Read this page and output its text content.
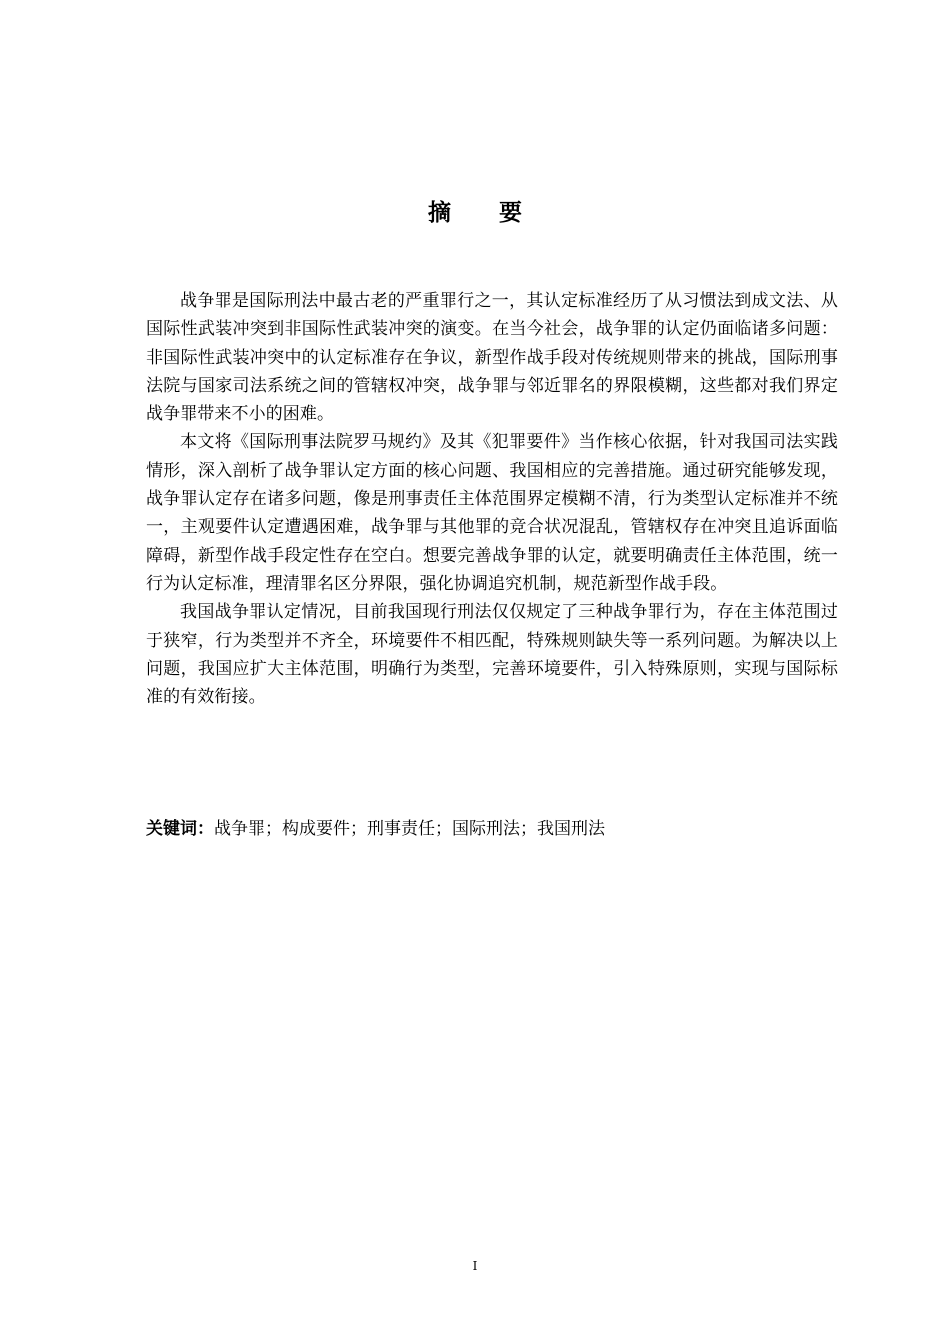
摘 要

战争罪是国际刑法中最古老的严重罪行之一，其认定标准经历了从习惯法到成文法、从国际性武装冲突到非国际性武装冲突的演变。在当今社会，战争罪的认定仍面临诸多问题：非国际性武装冲突中的认定标准存在争议，新型作战手段对传统规则带来的挑战，国际刑事法院与国家司法系统之间的管辖权冲突，战争罪与邻近罪名的界限模糊，这些都对我们界定战争罪带来不小的困难。

本文将《国际刑事法院罗马规约》及其《犯罪要件》当作核心依据，针对我国司法实践情形，深入剖析了战争罪认定方面的核心问题、我国相应的完善措施。通过研究能够发现，战争罪认定存在诸多问题，像是刑事责任主体范围界定模糊不清，行为类型认定标准并不统一，主观要件认定遭遇困难，战争罪与其他罪的竞合状况混乱，管辖权存在冲突且追诉面临障碍，新型作战手段定性存在空白。想要完善战争罪的认定，就要明确责任主体范围，统一行为认定标准，理清罪名区分界限，强化协调追究机制，规范新型作战手段。

我国战争罪认定情况，目前我国现行刑法仅仅规定了三种战争罪行为，存在主体范围过于狭窄，行为类型并不齐全，环境要件不相匹配，特殊规则缺失等一系列问题。为解决以上问题，我国应扩大主体范围，明确行为类型，完善环境要件，引入特殊原则，实现与国际标准的有效衔接。

关键词：战争罪；构成要件；刑事责任；国际刑法；我国刑法
I
